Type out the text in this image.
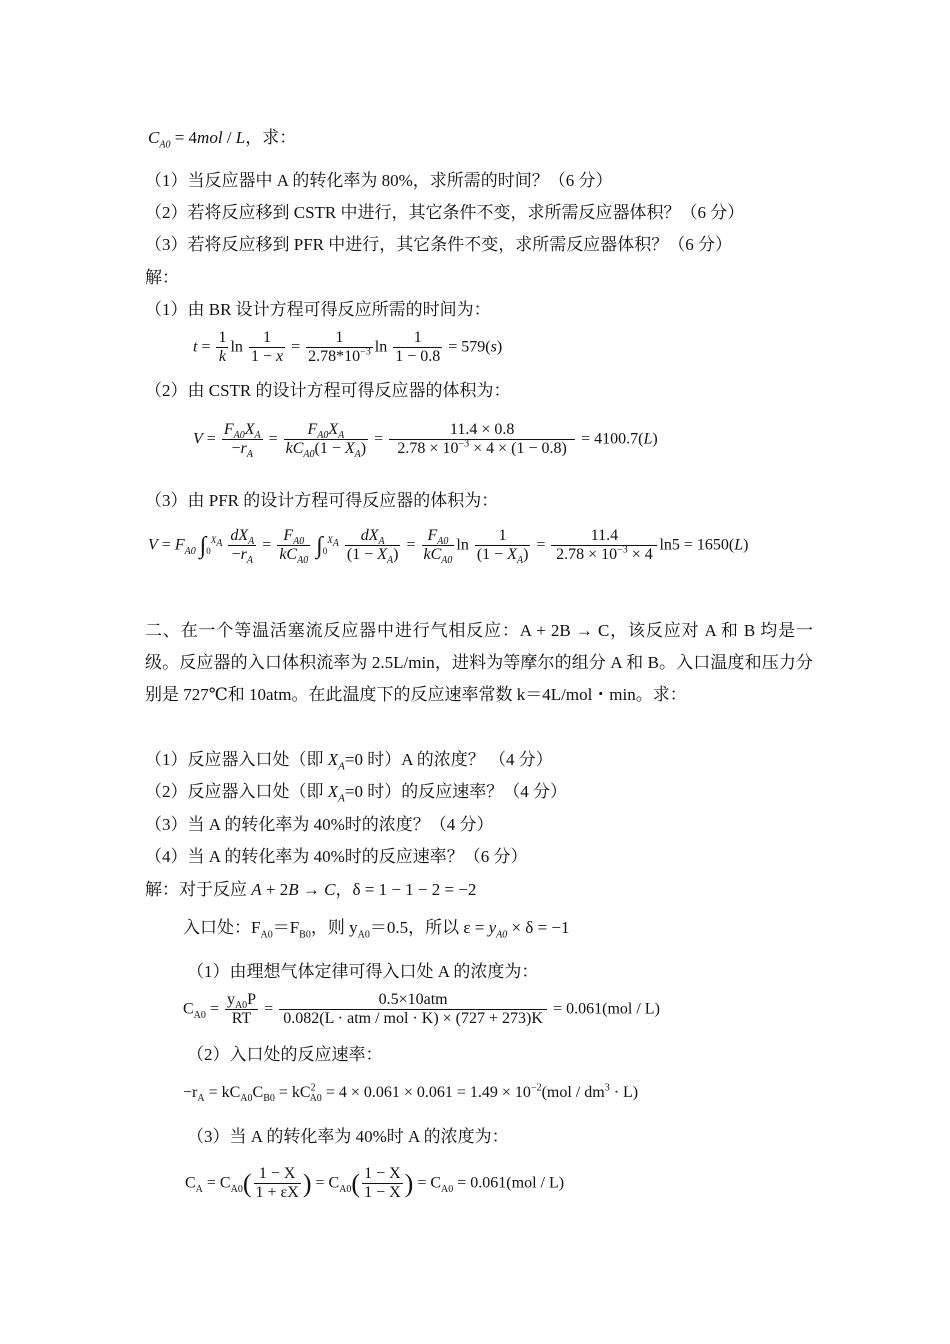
$C_{A0} = 4mol / L$，求：
（1）当反应器中 A 的转化率为 80%，求所需的时间？（6 分）
（2）若将反应移到 CSTR 中进行，其它条件不变，求所需反应器体积？（6 分）
（3）若将反应移到 PFR 中进行，其它条件不变，求所需反应器体积？（6 分）
解：
（1）由 BR 设计方程可得反应所需的时间为：
$t = \frac{1}{k}$ $\ln \frac{1}{1 - x} = \frac{1}{2.78*10^{-3}}$ $\ln \frac{1}{1 - 0.8} = 579(s)$
（2）由 CSTR 的设计方程可得反应器的体积为：
$V = \frac{F_{A0}X_A}{-r_A} = \frac{F_{A0}X_A}{kC_{A0}(1 - X_A)} = \frac{11.4 \times 0.8}{2.78 \times 10^{-3} \times 4 \times (1 - 0.8)} = 4100.7(L)$
（3）由 PFR 的设计方程可得反应器的体积为：
$V = F_{A0}$ $\int_0^{X_A} \frac{dX_A}{-r_A} = \frac{F_{A0}}{kC_{A0}} \int_0^{X_A} \frac{dX_A}{(1 - X_A)} = \frac{F_{A0}}{kC_{A0}}$ $\ln \frac{1}{(1 - X_A)} = \frac{11.4}{2.78 \times 10^{-3} \times 4} \ln 5 = 1650(L)$
二、在一个等温活塞流反应器中进行气相反应：A + 2B → C，该反应对 A 和 B 均是一级。反应器的入口体积流率为 2.5L/min，进料为等摩尔的组分 A 和 B。入口温度和压力分别是 727℃和 10atm。在此温度下的反应速率常数 k＝4L/mol・min。求：
（1）反应器入口处（即 $X_A=0$ 时）A 的浓度？ （4 分）
（2）反应器入口处（即 $X_A=0$ 时）的反应速率？（4 分）
（3）当 A 的转化率为 40%时的浓度？（4 分）
（4）当 A 的转化率为 40%时的反应速率？（6 分）
解：对于反应 A + 2B → C，δ = 1 − 1 − 2 = −2
入口处：$F_{A0}=F_{B0}$，则 $y_{A0}=0.5$，所以 $\varepsilon = y_{A0} \times \delta = -1$
（1）由理想气体定律可得入口处 A 的浓度为：
$C_{A0} = \frac{y_{A0}P}{RT} = \frac{\text{0.5×10atm}}{\text{0.082(L · atm / mol · K) × (727 + 273)K}} = 0.061(mol / L)$
（2）入口处的反应速率：
$-r_A = kC_{A0}C_{B0} = kC^2_{A0} = 4 \times 0.061 \times 0.061 = 1.49 \times 10^{-2}(mol / dm^3 \cdot L)$
（3）当 A 的转化率为 40%时 A 的浓度为：
$C_A = C_{A0}( \frac{1 - X}{1 + \varepsilon X}$ ) = $C_{A0}( \frac{1 - X}{1 - X}$ ) = $C_{A0} = 0.061(mol / L)$
